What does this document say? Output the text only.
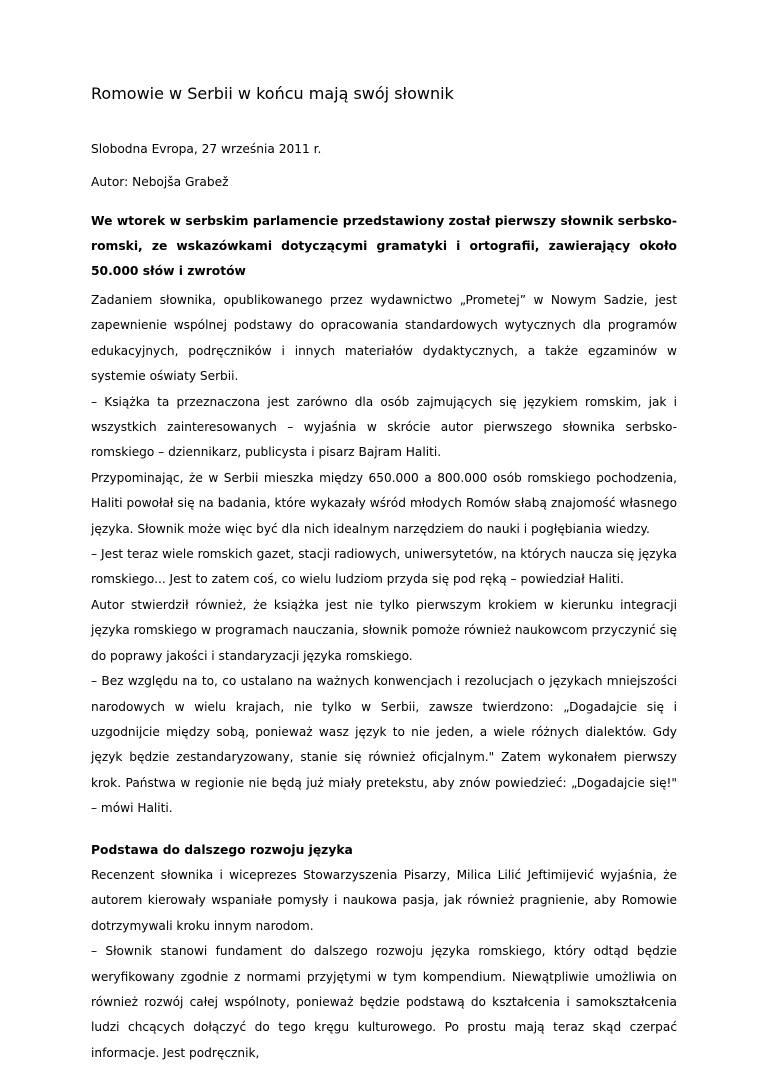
Romowie w Serbii w końcu mają swój słownik
Slobodna Evropa, 27 września 2011 r.
Autor: Nebojša Grabež

We wtorek w serbskim parlamencie przedstawiony został pierwszy słownik serbsko-romski, ze wskazówkami dotyczącymi gramatyki i ortografii, zawierający około 50.000 słów i zwrotów

Zadaniem słownika, opublikowanego przez wydawnictwo „Prometej” w Nowym Sadzie, jest zapewnienie wspólnej podstawy do opracowania standardowych wytycznych dla programów edukacyjnych, podręczników i innych materiałów dydaktycznych, a także egzaminów w systemie oświaty Serbii.

– Książka ta przeznaczona jest zarówno dla osób zajmujących się językiem romskim, jak i wszystkich zainteresowanych – wyjaśnia w skrócie autor pierwszego słownika serbsko-romskiego – dziennikarz, publicysta i pisarz Bajram Haliti.

Przypominając, że w Serbii mieszka między 650.000 a 800.000 osób romskiego pochodzenia, Haliti powołał się na badania, które wykazały wśród młodych Romów słabą znajomość własnego języka. Słownik może więc być dla nich idealnym narzędziem do nauki i pogłębiania wiedzy.

– Jest teraz wiele romskich gazet, stacji radiowych, uniwersytetów, na których naucza się języka romskiego... Jest to zatem coś, co wielu ludziom przyda się pod ręką – powiedział Haliti.

Autor stwierdził również, że książka jest nie tylko pierwszym krokiem w kierunku integracji języka romskiego w programach nauczania, słownik pomoże również naukowcom przyczynić się do poprawy jakości i standaryzacji języka romskiego.

– Bez względu na to, co ustalano na ważnych konwencjach i rezolucjach o językach mniejszości narodowych w wielu krajach, nie tylko w Serbii, zawsze twierdzono: „Dogadajcie się i uzgodnijcie między sobą, ponieważ wasz język to nie jeden, a wiele różnych dialektów. Gdy język będzie zestandaryzowany, stanie się również oficjalnym." Zatem wykonałem pierwszy krok. Państwa w regionie nie będą już miały pretekstu, aby znów powiedzieć: „Dogadajcie się!" – mówi Haliti.

Podstawa do dalszego rozwoju języka

Recenzent słownika i wiceprezes Stowarzyszenia Pisarzy, Milica Lilić Jeftimijević wyjaśnia, że autorem kierowały wspaniałe pomysły i naukowa pasja, jak również pragnienie, aby Romowie dotrzymywali kroku innym narodom.

– Słownik stanowi fundament do dalszego rozwoju języka romskiego, który odtąd będzie weryfikowany zgodnie z normami przyjętymi w tym kompendium. Niewątpliwie umożliwia on również rozwój całej wspólnoty, ponieważ będzie podstawą do kształcenia i samokształcenia ludzi chcących dołączyć do tego kręgu kulturowego. Po prostu mają teraz skąd czerpać informacje. Jest podręcznik,
